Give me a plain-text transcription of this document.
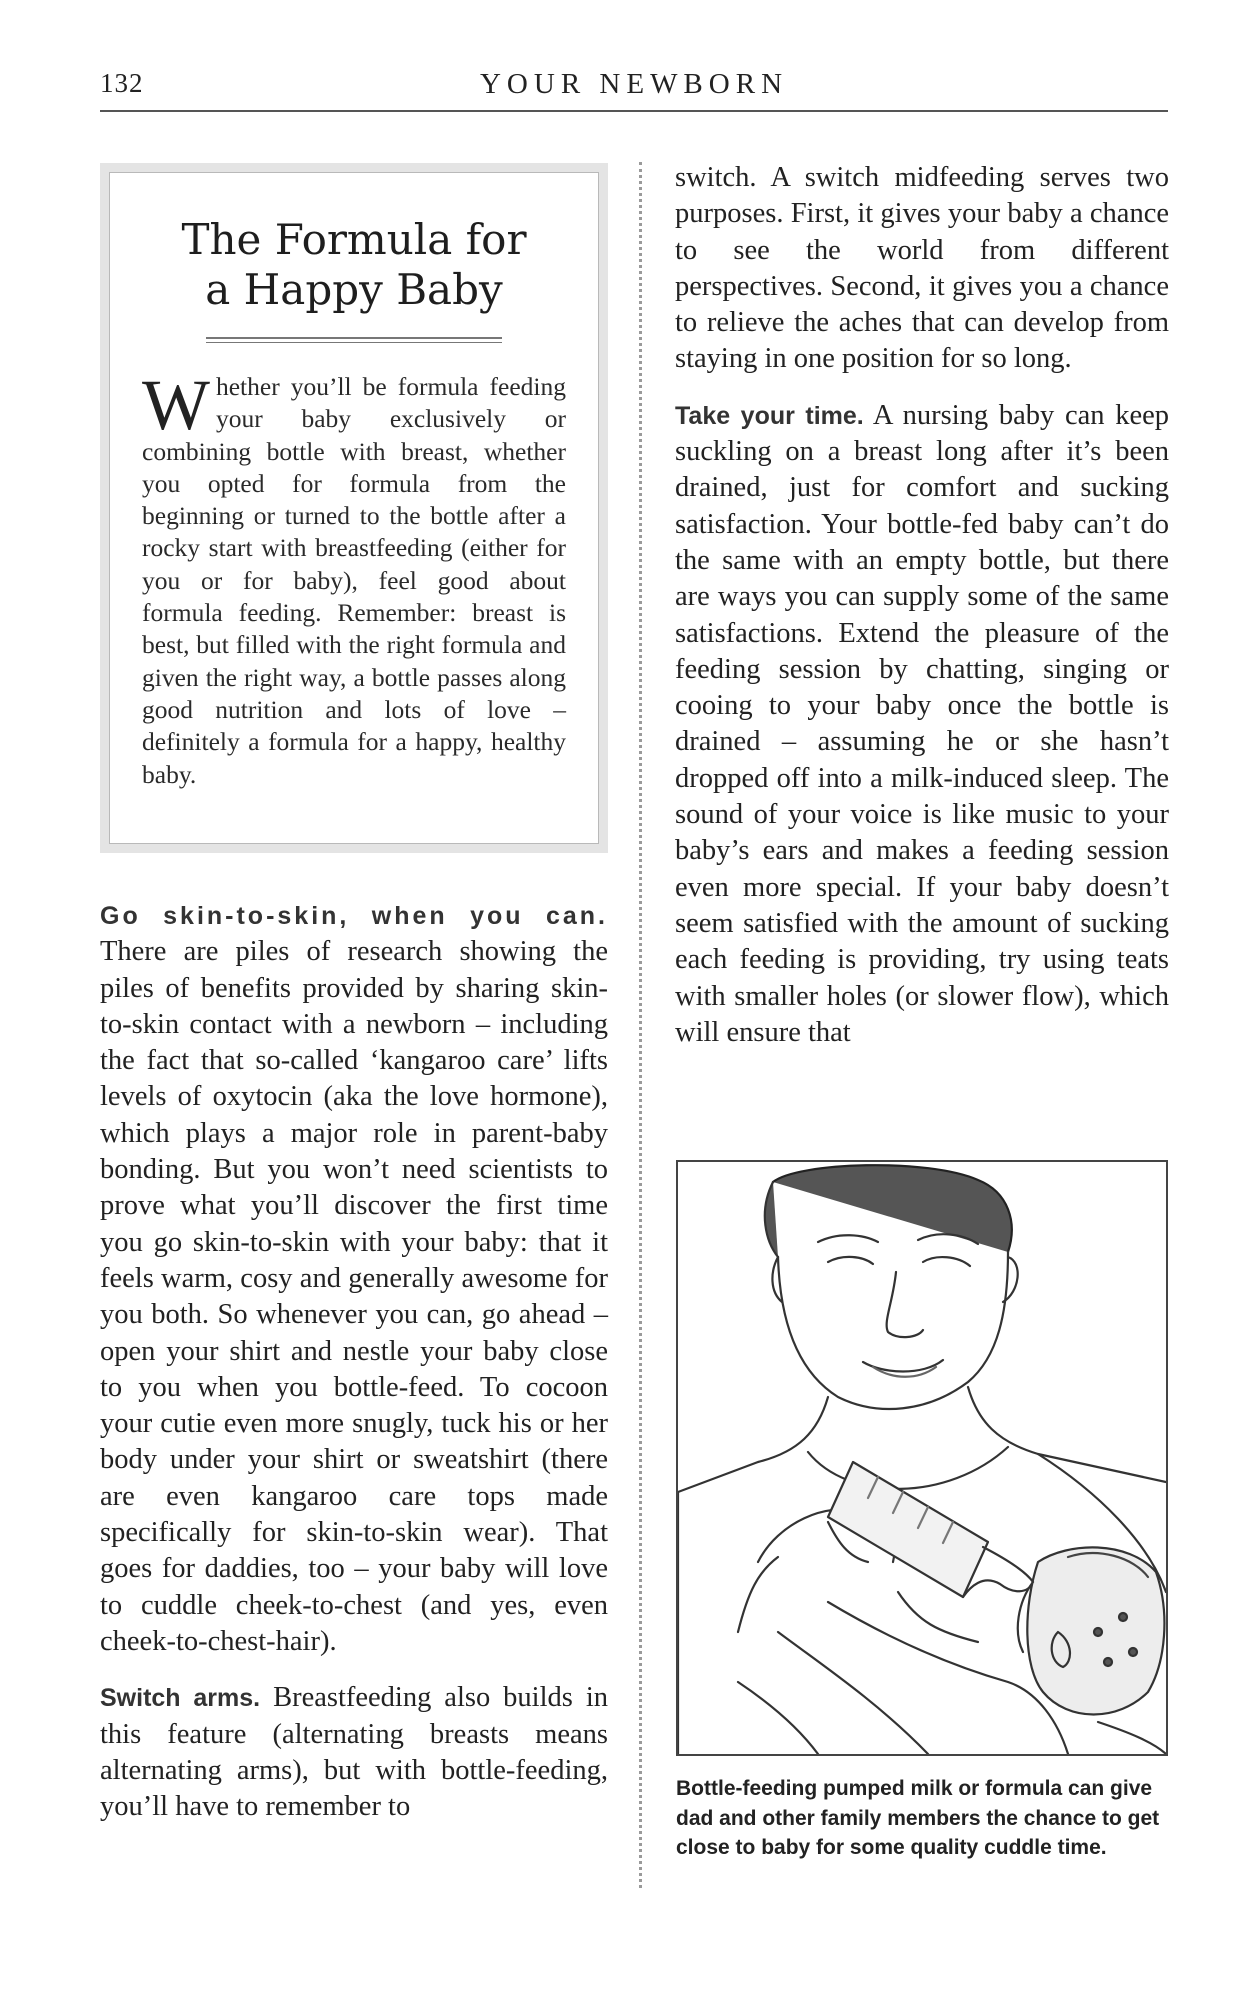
132	YOUR NEWBORN
The Formula for
a Happy Baby
Whether you’ll be formula feeding your baby exclusively or combining bottle with breast, whether you opted for formula from the beginning or turned to the bottle after a rocky start with breastfeeding (either for you or for baby), feel good about formula feeding. Remember: breast is best, but filled with the right formula and given the right way, a bottle passes along good nutrition and lots of love – definitely a formula for a happy, healthy baby.

Go skin-to-skin, when you can. There are piles of research showing the piles of benefits provided by sharing skin-to-skin contact with a newborn – including the fact that so-called ‘kangaroo care’ lifts levels of oxytocin (aka the love hormone), which plays a major role in parent-baby bonding. But you won’t need scientists to prove what you’ll discover the first time you go skin-to-skin with your baby: that it feels warm, cosy and generally awesome for you both. So whenever you can, go ahead – open your shirt and nestle your baby close to you when you bottle-feed. To cocoon your cutie even more snugly, tuck his or her body under your shirt or sweatshirt (there are even kangaroo care tops made specifically for skin-to-skin wear). That goes for daddies, too – your baby will love to cuddle cheek-to-chest (and yes, even cheek-to-chest-hair).

Switch arms. Breastfeeding also builds in this feature (alternating breasts means alternating arms), but with bottle-feeding, you’ll have to remember to

switch. A switch midfeeding serves two purposes. First, it gives your baby a chance to see the world from different perspectives. Second, it gives you a chance to relieve the aches that can develop from staying in one position for so long.

Take your time. A nursing baby can keep suckling on a breast long after it’s been drained, just for comfort and sucking satisfaction. Your bottle-fed baby can’t do the same with an empty bottle, but there are ways you can supply some of the same satisfactions. Extend the pleasure of the feeding session by chatting, singing or cooing to your baby once the bottle is drained – assuming he or she hasn’t dropped off into a milk-induced sleep. The sound of your voice is like music to your baby’s ears and makes a feeding session even more special. If your baby doesn’t seem satisfied with the amount of sucking each feeding is providing, try using teats with smaller holes (or slower flow), which will ensure that

Bottle-feeding pumped milk or formula can give dad and other family members the chance to get close to baby for some quality cuddle time.
